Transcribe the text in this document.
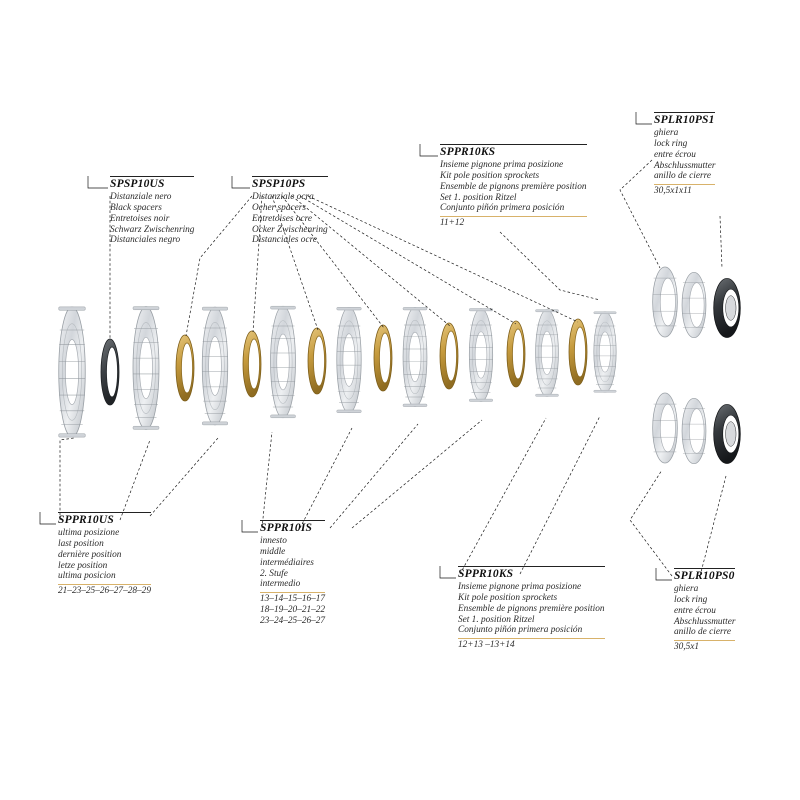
SPSP10US
Distanziale nero
Black spacers
Entretoises noir
Schwarz Zwischenring
Distanciales negro
SPSP10PS
Distanziale ocra
Ocher spacers
Entretoises ocre
Ocker Zwischenring
Distanciales ocre
SPPR10KS
Insieme pignone prima posizione
Kit pole position sprockets
Ensemble de pignons première position
Set 1. position Ritzel
Conjunto piñón primera posición
11+12
SPLR10PS1
ghiera
lock ring
entre écrou
Abschlussmutter
anillo de cierre
30,5x1x11
SPPR10US
ultima posizione
last position
dernière position
letze position
ultima posicion
21–23–25–26–27–28–29
SPPR10IS
innesto
middle
intermédiaires
2. Stufe
intermedio
13–14–15–16–17
18–19–20–21–22
23–24–25–26–27
SPPR10KS
Insieme pignone prima posizione
Kit pole position sprockets
Ensemble de pignons première position
Set 1. position Ritzel
Conjunto piñón primera posición
12+13 –13+14
SPLR10PS0
ghiera
lock ring
entre écrou
Abschlussmutter
anillo de cierre
30,5x1
